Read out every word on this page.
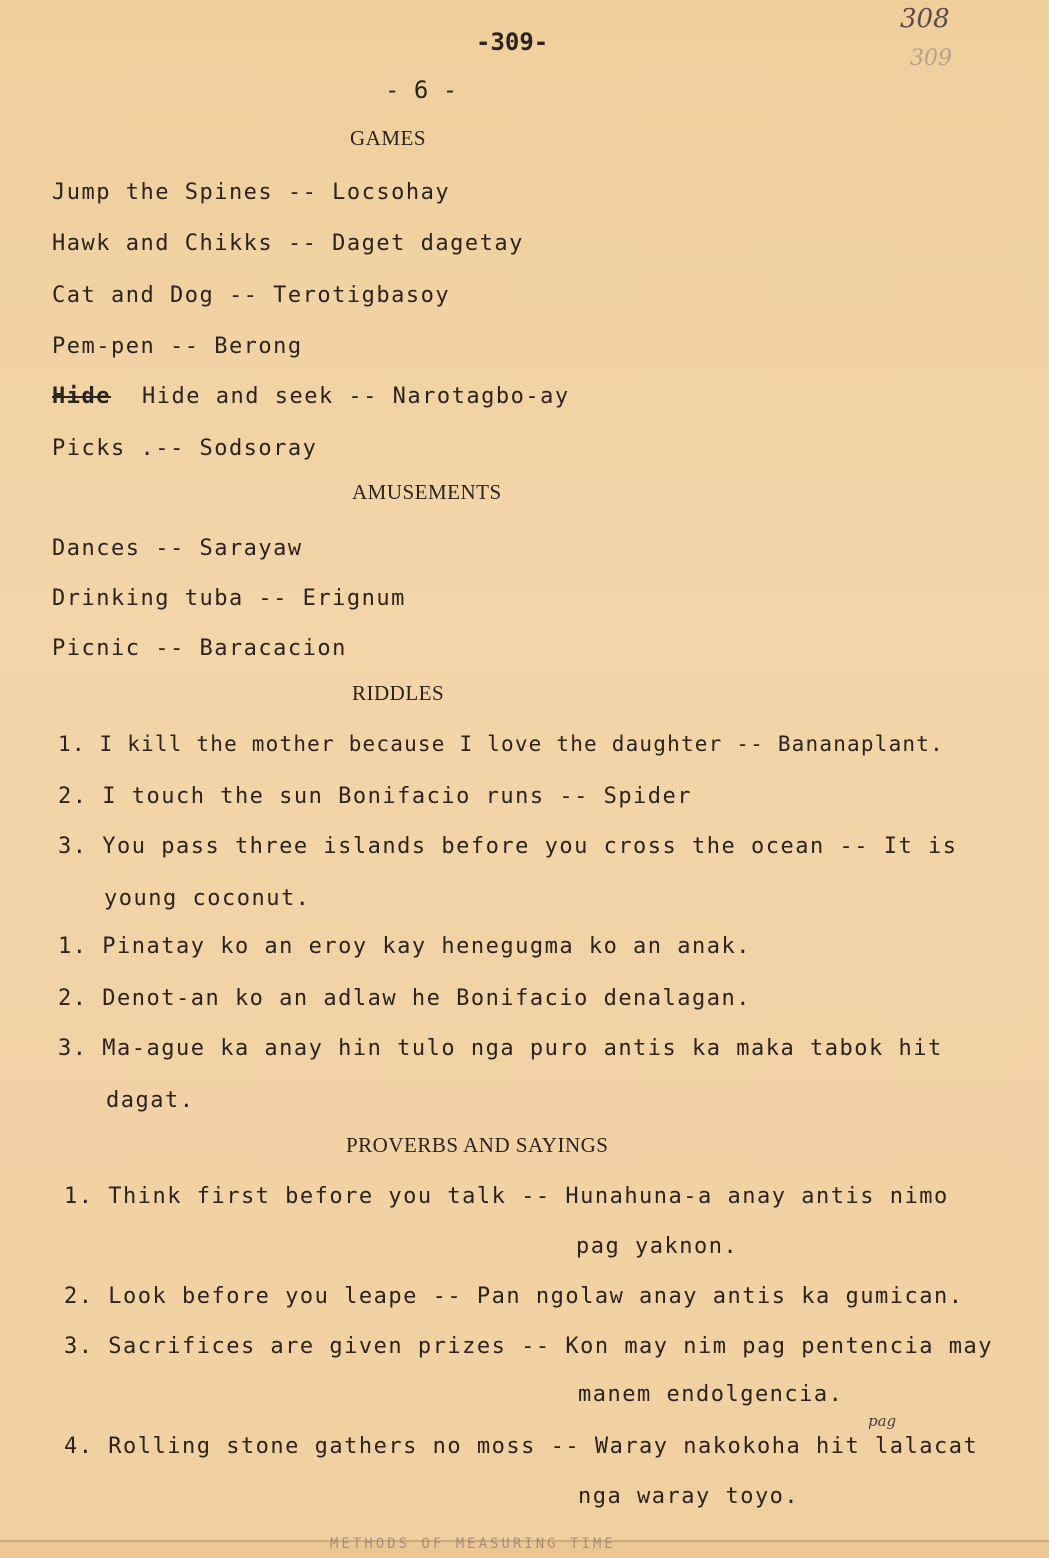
-309-
308
309
- 6 -
GAMES
Jump the Spines -- Locsohay
Hawk and Chikks -- Daget dagetay
Cat and Dog -- Terotigbasoy
Pem-pen -- Berong
Hide	Hide and seek -- Narotagbo-ay
Picks .-- Sodsoray
AMUSEMENTS
Dances -- Sarayaw
Drinking tuba -- Erignum
Picnic -- Baracacion
RIDDLES
1. I kill the mother because I love the daughter -- Bananaplant.
2. I touch the sun Bonifacio runs -- Spider
3. You pass three islands before you cross the ocean -- It is
young coconut.
1. Pinatay ko an eroy kay henegugma ko an anak.
2. Denot-an ko an adlaw he Bonifacio denalagan.
3. Ma-ague ka anay hin tulo nga puro antis ka maka tabok hit
dagat.
PROVERBS AND SAYINGS
1. Think first before you talk -- Hunahuna-a anay antis nimo
pag yaknon.
2. Look before you leape -- Pan ngolaw anay antis ka gumican.
3. Sacrifices are given prizes -- Kon may nim pag pentencia may
manem endolgencia.
pag
4. Rolling stone gathers no moss -- Waray nakokoha hit lalacat
nga waray toyo.
METHODS OF MEASURING TIME
